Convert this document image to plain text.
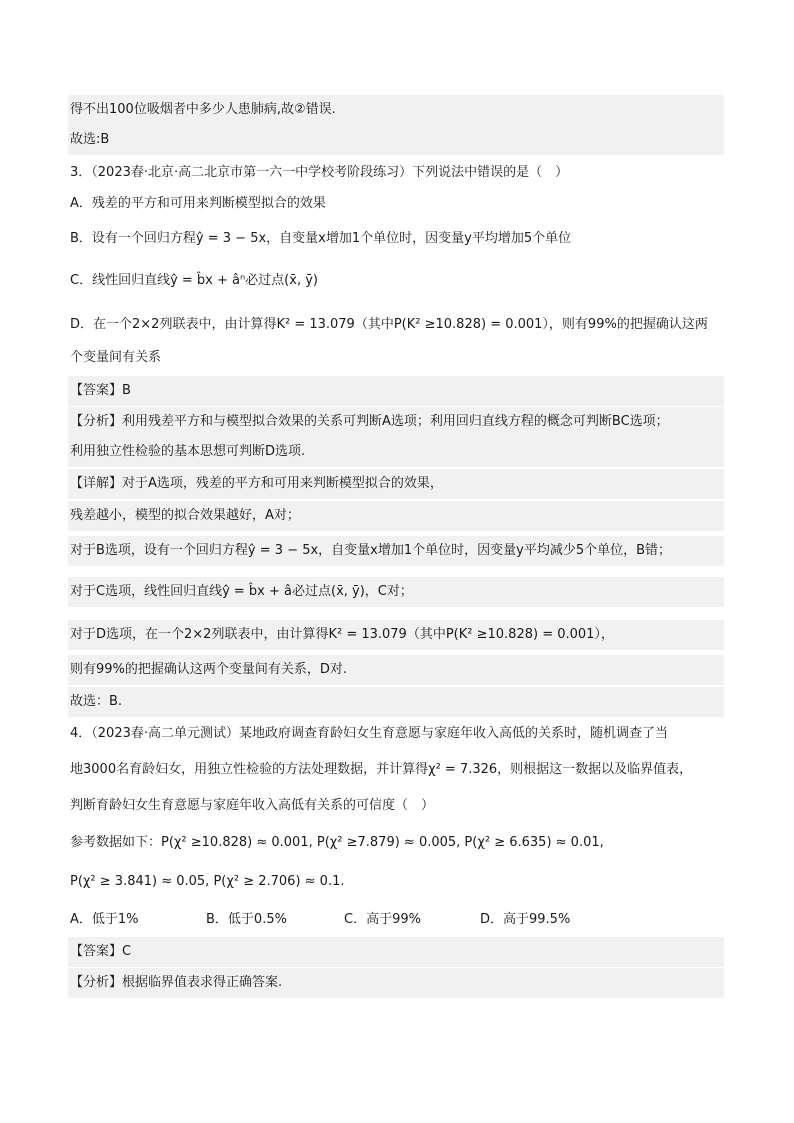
得不出100位吸烟者中多少人患肺病,故②错误.
故选:B
3．（2023春·北京·高二北京市第一六一中学校考阶段练习）下列说法中错误的是（　）
A．残差的平方和可用来判断模型拟合的效果
B．设有一个回归方程ŷ = 3 − 5x，自变量x增加1个单位时，因变量y平均增加5个单位
C．线性回归直线ŷ = b̂x + âⁿ必过点(x̄, ȳ)
D．在一个2×2列联表中，由计算得K² = 13.079（其中P(K² ≥10.828) = 0.001），则有99%的把握确认这两
个变量间有关系
【答案】B
【分析】利用残差平方和与模型拟合效果的关系可判断A选项；利用回归直线方程的概念可判断BC选项；
利用独立性检验的基本思想可判断D选项.
【详解】对于A选项，残差的平方和可用来判断模型拟合的效果，
残差越小，模型的拟合效果越好，A对；
对于B选项，设有一个回归方程ŷ = 3 − 5x，自变量x增加1个单位时，因变量y平均减少5个单位，B错；
对于C选项，线性回归直线ŷ = b̂x + â必过点(x̄, ȳ)，C对；
对于D选项，在一个2×2列联表中，由计算得K² = 13.079（其中P(K² ≥10.828) = 0.001），
则有99%的把握确认这两个变量间有关系，D对.
故选：B.
4．（2023春·高二单元测试）某地政府调查育龄妇女生育意愿与家庭年收入高低的关系时，随机调查了当
地3000名育龄妇女，用独立性检验的方法处理数据，并计算得χ² = 7.326，则根据这一数据以及临界值表，
判断育龄妇女生育意愿与家庭年收入高低有关系的可信度（　）
参考数据如下：P(χ² ≥10.828) ≈ 0.001, P(χ² ≥7.879) ≈ 0.005, P(χ² ≥ 6.635) ≈ 0.01,
P(χ² ≥ 3.841) ≈ 0.05, P(χ² ≥ 2.706) ≈ 0.1.
A．低于1%	B．低于0.5%	C．高于99%	D．高于99.5%
【答案】C
【分析】根据临界值表求得正确答案.
